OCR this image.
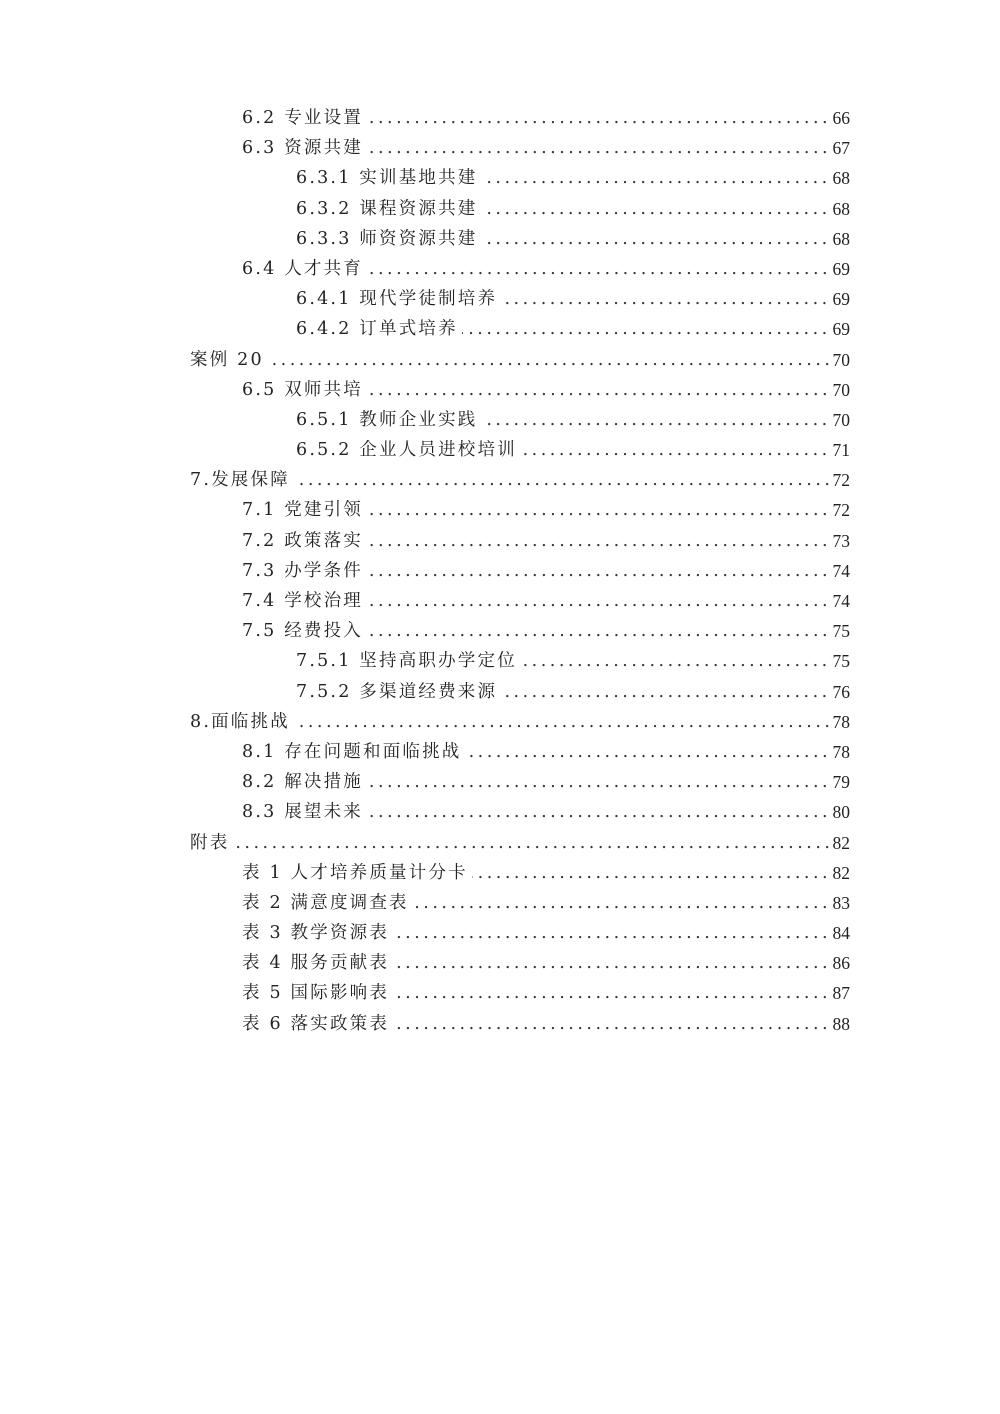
.....
6.2 专业设置	66
.....
6.3 资源共建	67
.....
6.3.1 实训基地共建	68
.....
6.3.2 课程资源共建	68
.....
6.3.3 师资资源共建	68
.....
6.4 人才共育	69
.....
6.4.1 现代学徒制培养	69
.....
6.4.2 订单式培养	69
.....
案例 20	70
.....
6.5 双师共培	70
.....
6.5.1 教师企业实践	70
.....
6.5.2 企业人员进校培训	71
.....
7.发展保障	72
.....
7.1 党建引领	72
.....
7.2 政策落实	73
.....
7.3 办学条件	74
.....
7.4 学校治理	74
.....
7.5 经费投入	75
.....
7.5.1 坚持高职办学定位	75
.....
7.5.2 多渠道经费来源	76
.....
8.面临挑战	78
.....
8.1 存在问题和面临挑战	78
.....
8.2 解决措施	79
.....
8.3 展望未来	80
.....
附表	82
.....
表 1 人才培养质量计分卡	82
.....
表 2 满意度调查表	83
.....
表 3 教学资源表	84
.....
表 4 服务贡献表	86
.....
表 5 国际影响表	87
.....
表 6 落实政策表	88
